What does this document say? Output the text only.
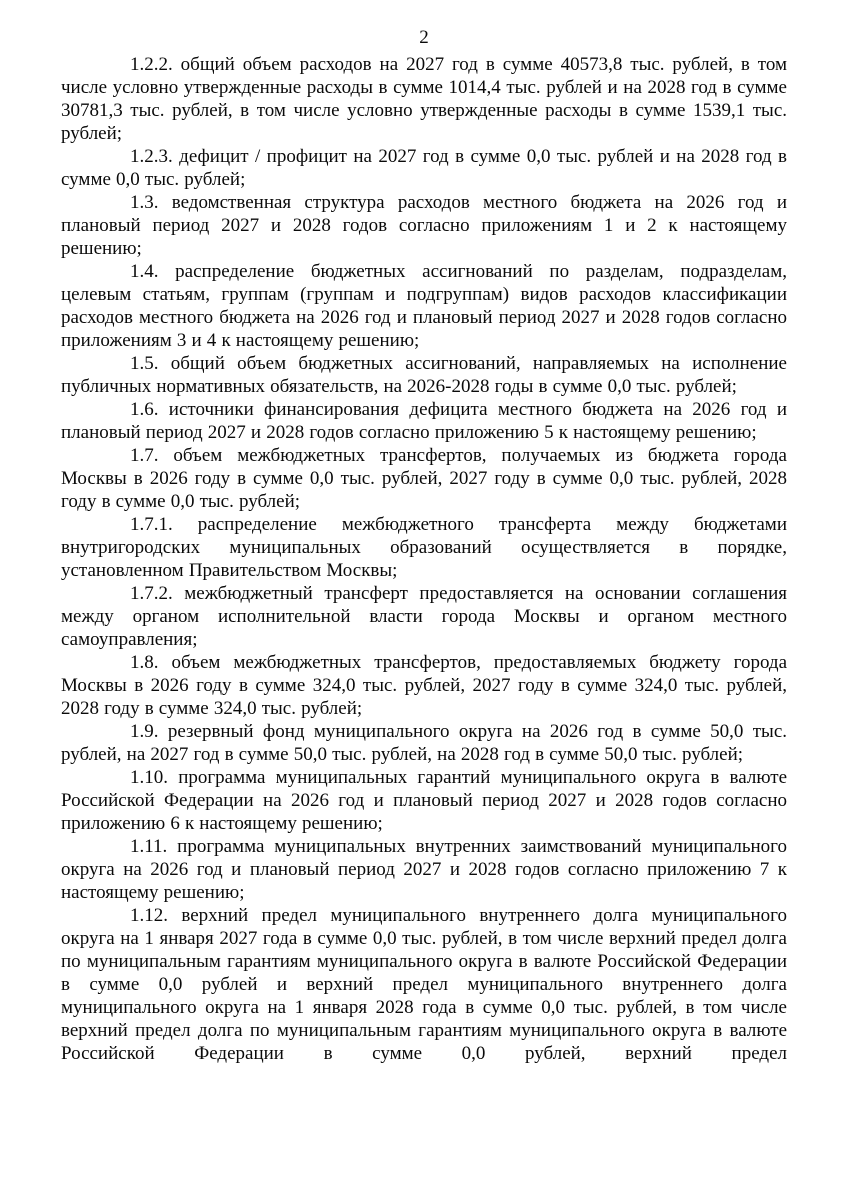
2

1.2.2. общий объем расходов на 2027 год в сумме 40573,8 тыс. рублей, в том числе условно утвержденные расходы в сумме 1014,4 тыс. рублей и на 2028 год в сумме 30781,3 тыс. рублей, в том числе условно утвержденные расходы в сумме 1539,1 тыс. рублей;

1.2.3. дефицит / профицит на 2027 год в сумме 0,0 тыс. рублей и на 2028 год в сумме 0,0 тыс. рублей;

1.3. ведомственная структура расходов местного бюджета на 2026 год и плановый период 2027 и 2028 годов согласно приложениям 1 и 2 к настоящему решению;

1.4. распределение бюджетных ассигнований по разделам, подразделам, целевым статьям, группам (группам и подгруппам) видов расходов классификации расходов местного бюджета на 2026 год и плановый период 2027 и 2028 годов согласно приложениям 3 и 4 к настоящему решению;

1.5. общий объем бюджетных ассигнований, направляемых на исполнение публичных нормативных обязательств, на 2026-2028 годы в сумме 0,0 тыс. рублей;

1.6. источники финансирования дефицита местного бюджета на 2026 год и плановый период 2027 и 2028 годов согласно приложению 5 к настоящему решению;

1.7. объем межбюджетных трансфертов, получаемых из бюджета города Москвы в 2026 году в сумме 0,0 тыс. рублей, 2027 году в сумме 0,0 тыс. рублей, 2028 году в сумме 0,0 тыс. рублей;

1.7.1. распределение межбюджетного трансферта между бюджетами внутригородских муниципальных образований осуществляется в порядке, установленном Правительством Москвы;

1.7.2. межбюджетный трансферт предоставляется на основании соглашения между органом исполнительной власти города Москвы и органом местного самоуправления;

1.8. объем межбюджетных трансфертов, предоставляемых бюджету города Москвы в 2026 году в сумме 324,0 тыс. рублей, 2027 году в сумме 324,0 тыс. рублей, 2028 году в сумме 324,0 тыс. рублей;

1.9. резервный фонд муниципального округа на 2026 год в сумме 50,0 тыс. рублей, на 2027 год в сумме 50,0 тыс. рублей, на 2028 год в сумме 50,0 тыс. рублей;

1.10. программа муниципальных гарантий муниципального округа в валюте Российской Федерации на 2026 год и плановый период 2027 и 2028 годов согласно приложению 6 к настоящему решению;

1.11. программа муниципальных внутренних заимствований муниципального округа на 2026 год и плановый период 2027 и 2028 годов согласно приложению 7 к настоящему решению;

1.12. верхний предел муниципального внутреннего долга муниципального округа на 1 января 2027 года в сумме 0,0 тыс. рублей, в том числе верхний предел долга по муниципальным гарантиям муниципального округа в валюте Российской Федерации в сумме 0,0 рублей и верхний предел муниципального внутреннего долга муниципального округа на 1 января 2028 года в сумме 0,0 тыс. рублей, в том числе верхний предел долга по муниципальным гарантиям муниципального округа в валюте Российской Федерации в сумме 0,0 рублей, верхний предел
